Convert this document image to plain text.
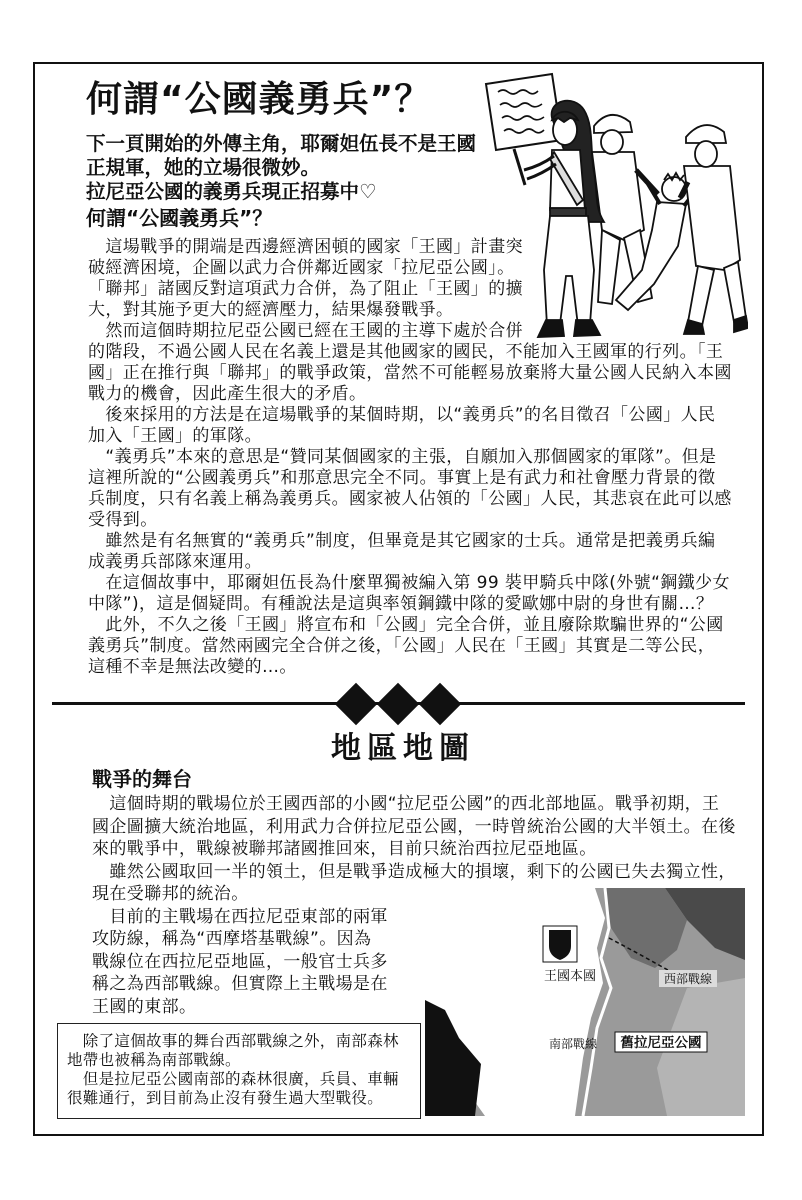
何謂“公國義勇兵”？
下一頁開始的外傳主角，耶爾妲伍長不是王國
正規軍，她的立場很微妙。
拉尼亞公國的義勇兵現正招募中♡
何謂“公國義勇兵”？
　這場戰爭的開端是西邊經濟困頓的國家「王國」計畫突
破經濟困境，企圖以武力合併鄰近國家「拉尼亞公國」。
「聯邦」諸國反對這項武力合併，為了阻止「王國」的擴
大，對其施予更大的經濟壓力，結果爆發戰爭。
　然而這個時期拉尼亞公國已經在王國的主導下處於合併
的階段，不過公國人民在名義上還是其他國家的國民，不能加入王國軍的行列。「王
國」正在推行與「聯邦」的戰爭政策，當然不可能輕易放棄將大量公國人民納入本國
戰力的機會，因此產生很大的矛盾。
　後來採用的方法是在這場戰爭的某個時期，以“義勇兵”的名目徵召「公國」人民
加入「王國」的軍隊。
　“義勇兵”本來的意思是“贊同某個國家的主張，自願加入那個國家的軍隊”。但是
這裡所說的“公國義勇兵”和那意思完全不同。事實上是有武力和社會壓力背景的徵
兵制度，只有名義上稱為義勇兵。國家被人佔領的「公國」人民，其悲哀在此可以感
受得到。
　雖然是有名無實的“義勇兵”制度，但畢竟是其它國家的士兵。通常是把義勇兵編
成義勇兵部隊來運用。
　在這個故事中，耶爾妲伍長為什麼單獨被編入第 99 裝甲騎兵中隊(外號“鋼鐵少女
中隊”)，這是個疑問。有種說法是這與率領鋼鐵中隊的愛歐娜中尉的身世有關…？
　此外，不久之後「王國」將宣布和「公國」完全合併，並且廢除欺騙世界的“公國
義勇兵”制度。當然兩國完全合併之後，「公國」人民在「王國」其實是二等公民，
這種不幸是無法改變的…。
地區地圖
戰爭的舞台
　這個時期的戰場位於王國西部的小國“拉尼亞公國”的西北部地區。戰爭初期，王
國企圖擴大統治地區，利用武力合併拉尼亞公國，一時曾統治公國的大半領土。在後
來的戰爭中，戰線被聯邦諸國推回來，目前只統治西拉尼亞地區。
　雖然公國取回一半的領土，但是戰爭造成極大的損壞，剩下的公國已失去獨立性，
現在受聯邦的統治。
　目前的主戰場在西拉尼亞東部的兩軍
攻防線，稱為“西摩塔基戰線”。因為
戰線位在西拉尼亞地區，一般官士兵多
稱之為西部戰線。但實際上主戰場是在
王國的東部。
王國本國	西部戰線
南部戰線 舊拉尼亞公國
　除了這個故事的舞台西部戰線之外，南部森林
地帶也被稱為南部戰線。
　但是拉尼亞公國南部的森林很廣，兵員、車輛
很難通行，到目前為止沒有發生過大型戰役。
